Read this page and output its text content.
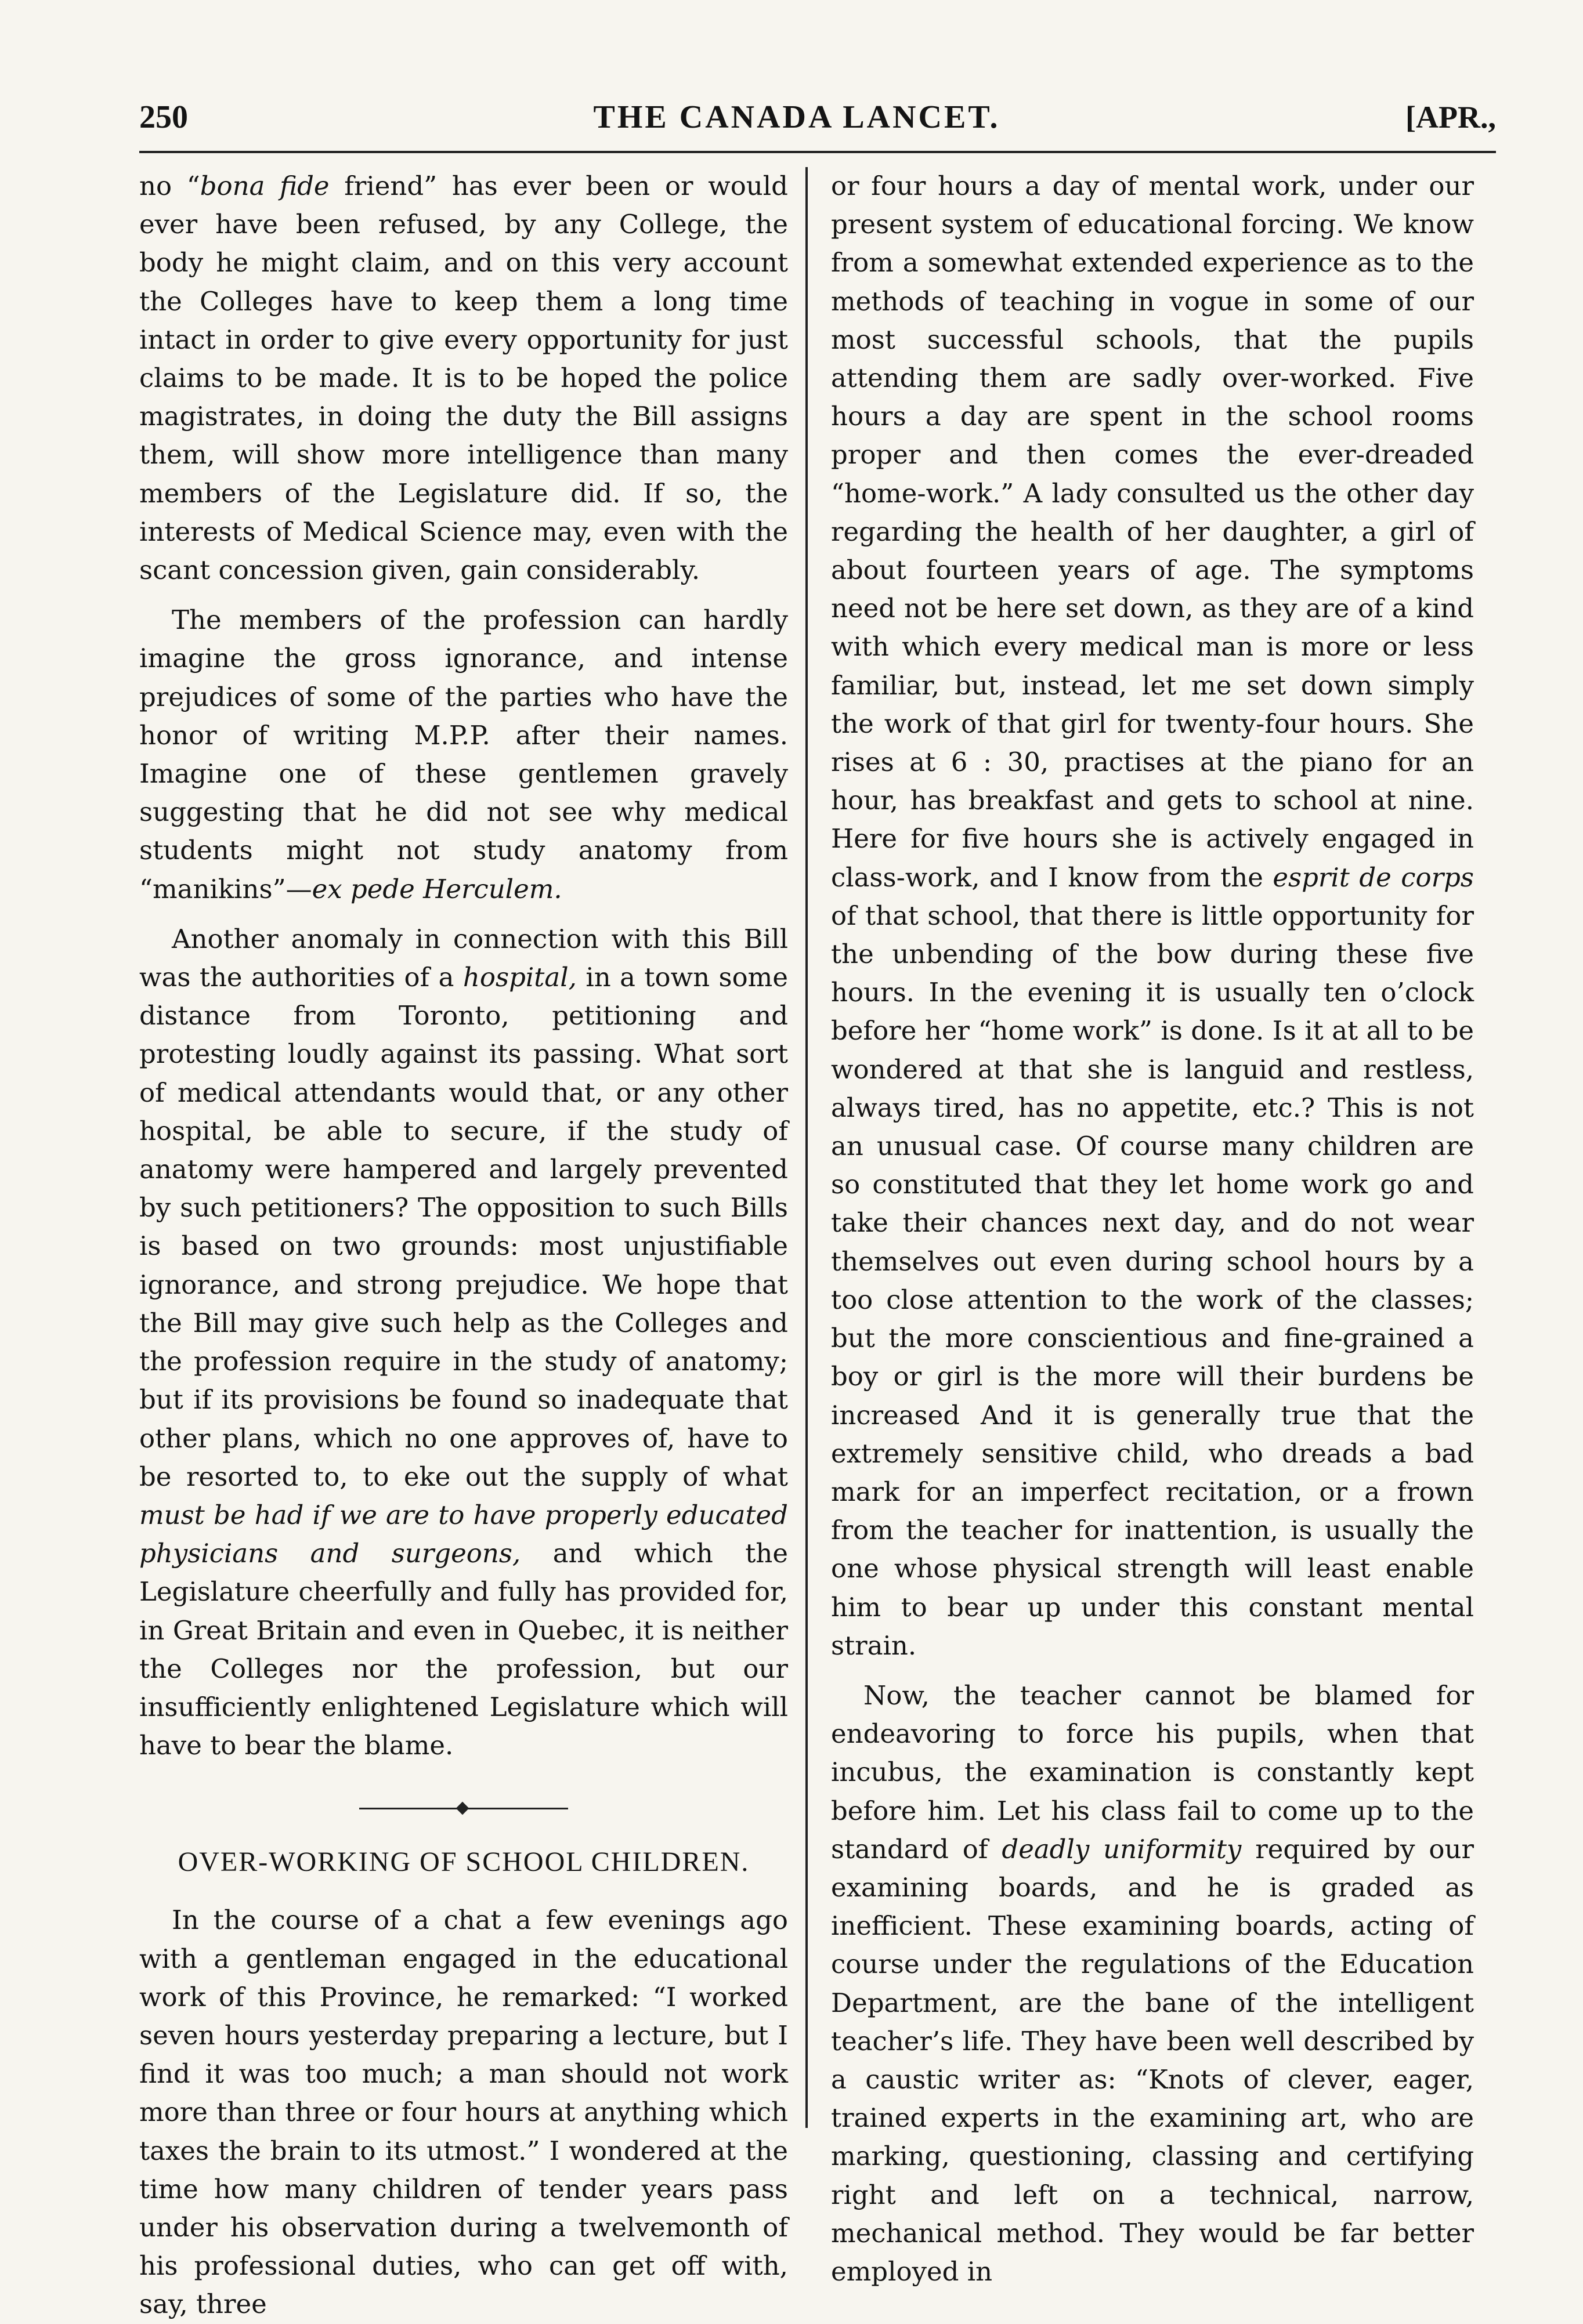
250	THE CANADA LANCET.	[APR.,

no “bona fide friend” has ever been or would ever have been refused, by any College, the body he might claim, and on this very account the Colleges have to keep them a long time intact in order to give every opportunity for just claims to be made. It is to be hoped the police magistrates, in doing the duty the Bill assigns them, will show more intelligence than many members of the Legislature did. If so, the interests of Medical Science may, even with the scant concession given, gain considerably.

The members of the profession can hardly imagine the gross ignorance, and intense prejudices of some of the parties who have the honor of writing M.P.P. after their names. Imagine one of these gentlemen gravely suggesting that he did not see why medical students might not study anatomy from “manikins”—ex pede Herculem.

Another anomaly in connection with this Bill was the authorities of a hospital, in a town some distance from Toronto, petitioning and protesting loudly against its passing. What sort of medical attendants would that, or any other hospital, be able to secure, if the study of anatomy were hampered and largely prevented by such petitioners? The opposition to such Bills is based on two grounds: most unjustifiable ignorance, and strong prejudice. We hope that the Bill may give such help as the Colleges and the profession require in the study of anatomy; but if its provisions be found so inadequate that other plans, which no one approves of, have to be resorted to, to eke out the supply of what must be had if we are to have properly educated physicians and surgeons, and which the Legislature cheerfully and fully has provided for, in Great Britain and even in Quebec, it is neither the Colleges nor the profession, but our insufficiently enlightened Legislature which will have to bear the blame.

OVER-WORKING OF SCHOOL CHILDREN.

In the course of a chat a few evenings ago with a gentleman engaged in the educational work of this Province, he remarked: “I worked seven hours yesterday preparing a lecture, but I find it was too much; a man should not work more than three or four hours at anything which taxes the brain to its utmost.” I wondered at the time how many children of tender years pass under his observation during a twelvemonth of his professional duties, who can get off with, say, three

or four hours a day of mental work, under our present system of educational forcing. We know from a somewhat extended experience as to the methods of teaching in vogue in some of our most successful schools, that the pupils attending them are sadly over-worked. Five hours a day are spent in the school rooms proper and then comes the ever-dreaded “home-work.” A lady consulted us the other day regarding the health of her daughter, a girl of about fourteen years of age. The symptoms need not be here set down, as they are of a kind with which every medical man is more or less familiar, but, instead, let me set down simply the work of that girl for twenty-four hours. She rises at 6 : 30, practises at the piano for an hour, has breakfast and gets to school at nine. Here for five hours she is actively engaged in class-work, and I know from the esprit de corps of that school, that there is little opportunity for the unbending of the bow during these five hours. In the evening it is usually ten o’clock before her “home work” is done. Is it at all to be wondered at that she is languid and restless, always tired, has no appetite, etc.? This is not an unusual case. Of course many children are so constituted that they let home work go and take their chances next day, and do not wear themselves out even during school hours by a too close attention to the work of the classes; but the more conscientious and fine-grained a boy or girl is the more will their burdens be increased And it is generally true that the extremely sensitive child, who dreads a bad mark for an imperfect recitation, or a frown from the teacher for inattention, is usually the one whose physical strength will least enable him to bear up under this constant mental strain.

Now, the teacher cannot be blamed for endeavoring to force his pupils, when that incubus, the examination is constantly kept before him. Let his class fail to come up to the standard of deadly uniformity required by our examining boards, and he is graded as inefficient. These examining boards, acting of course under the regulations of the Education Department, are the bane of the intelligent teacher’s life. They have been well described by a caustic writer as: “Knots of clever, eager, trained experts in the examining art, who are marking, questioning, classing and certifying right and left on a technical, narrow, mechanical method. They would be far better employed in
